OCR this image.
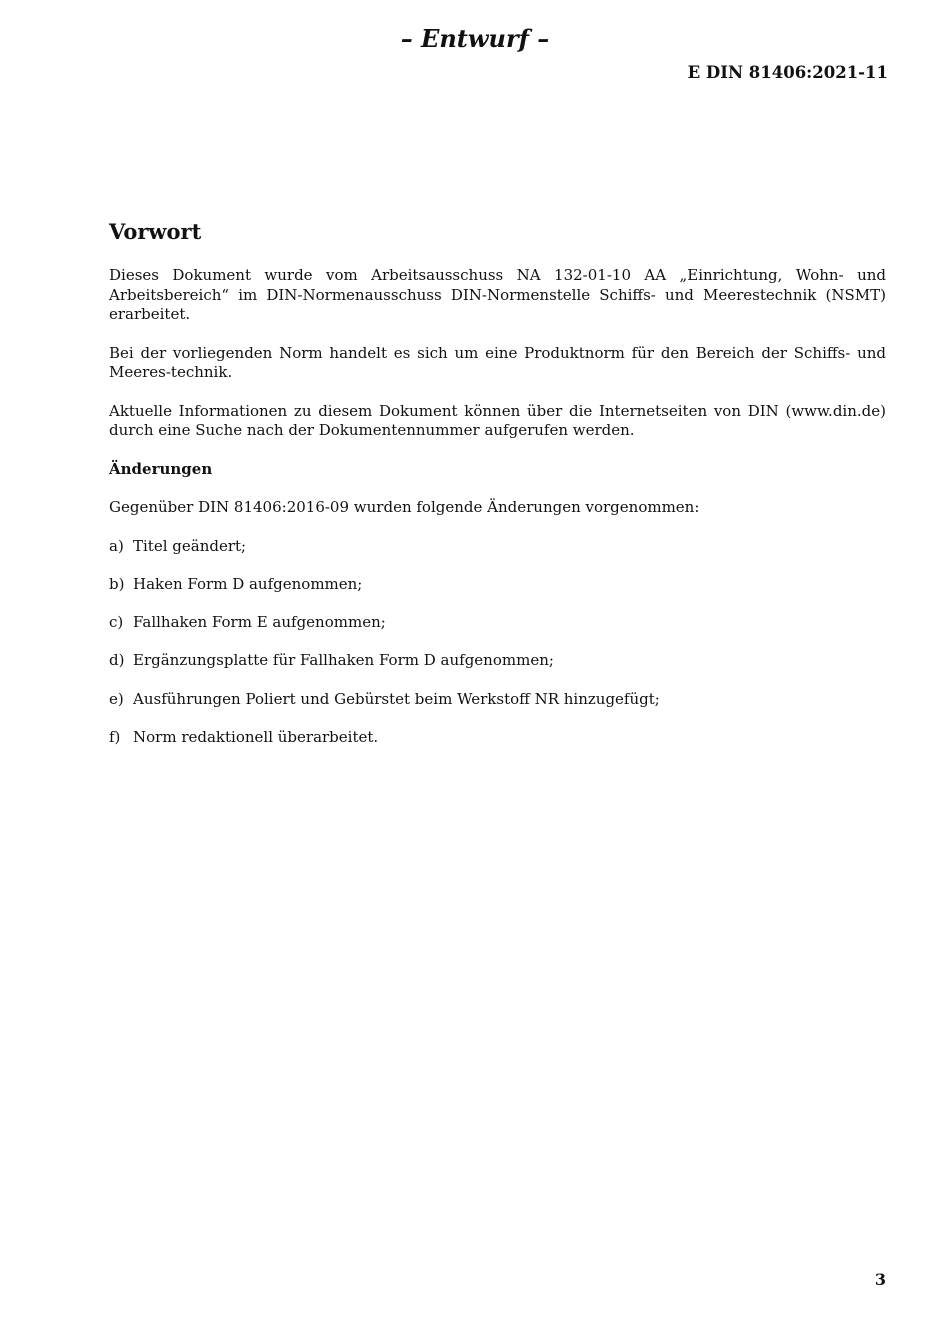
– Entwurf –
E DIN 81406:2021-11
Vorwort

Dieses Dokument wurde vom Arbeitsausschuss NA 132-01-10 AA „Einrichtung, Wohn- und Arbeitsbereich“ im DIN-Normenausschuss DIN-Normenstelle Schiffs- und Meerestechnik (NSMT) erarbeitet.

Bei der vorliegenden Norm handelt es sich um eine Produktnorm für den Bereich der Schiffs- und Meeres-technik.

Aktuelle Informationen zu diesem Dokument können über die Internetseiten von DIN (www.din.de) durch eine Suche nach der Dokumentennummer aufgerufen werden.

Änderungen

Gegenüber DIN 81406:2016-09 wurden folgende Änderungen vorgenommen:

a) Titel geändert;
b) Haken Form D aufgenommen;
c) Fallhaken Form E aufgenommen;
d) Ergänzungsplatte für Fallhaken Form D aufgenommen;
e) Ausführungen Poliert und Gebürstet beim Werkstoff NR hinzugefügt;
f) Norm redaktionell überarbeitet.
3
